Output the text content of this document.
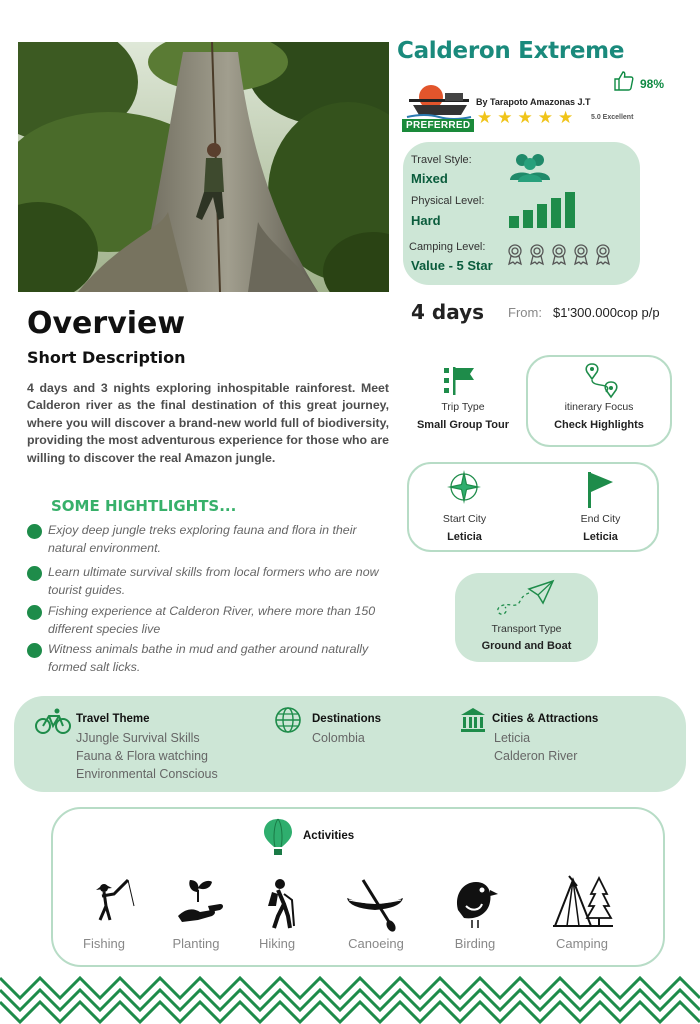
Calderon Extreme
98%
By Tarapoto Amazonas J.T
PREFERRED ★ ★ ★ ★ ★	5.0 Excellent
Travel Style:
Mixed
Physical Level:
Hard
Camping Level:
Value - 5 Star
Overview
Short Description
4 days and 3 nights exploring inhospitable rainforest. Meet Calderon river as the final destination of this great journey, where you will discover a brand-new world full of biodiversity, providing the most adventurous experience for those who are willing to discover the real Amazon jungle.
SOME HIGHTLIGHTS...
Exjoy deep jungle treks exploring fauna and flora in their natural environment.
Learn ultimate survival skills from local formers who are now tourist guides.
Fishing experience at Calderon River, where more than 150 different species live
Witness animals bathe in mud and gather around naturally formed salt licks.
4 days From: $1'300.000cop p/p
Trip Type
Small Group Tour
itinerary Focus
Check Highlights
Start City
Leticia
End City
Leticia
Transport Type
Ground and Boat
Travel Theme
JJungle Survival Skills
Fauna & Flora watching
Environmental Conscious
Destinations
Colombia
Cities & Attractions
Leticia
Calderon River
Activities
Fishing	Planting	Hiking	Canoeing	Birding	Camping
